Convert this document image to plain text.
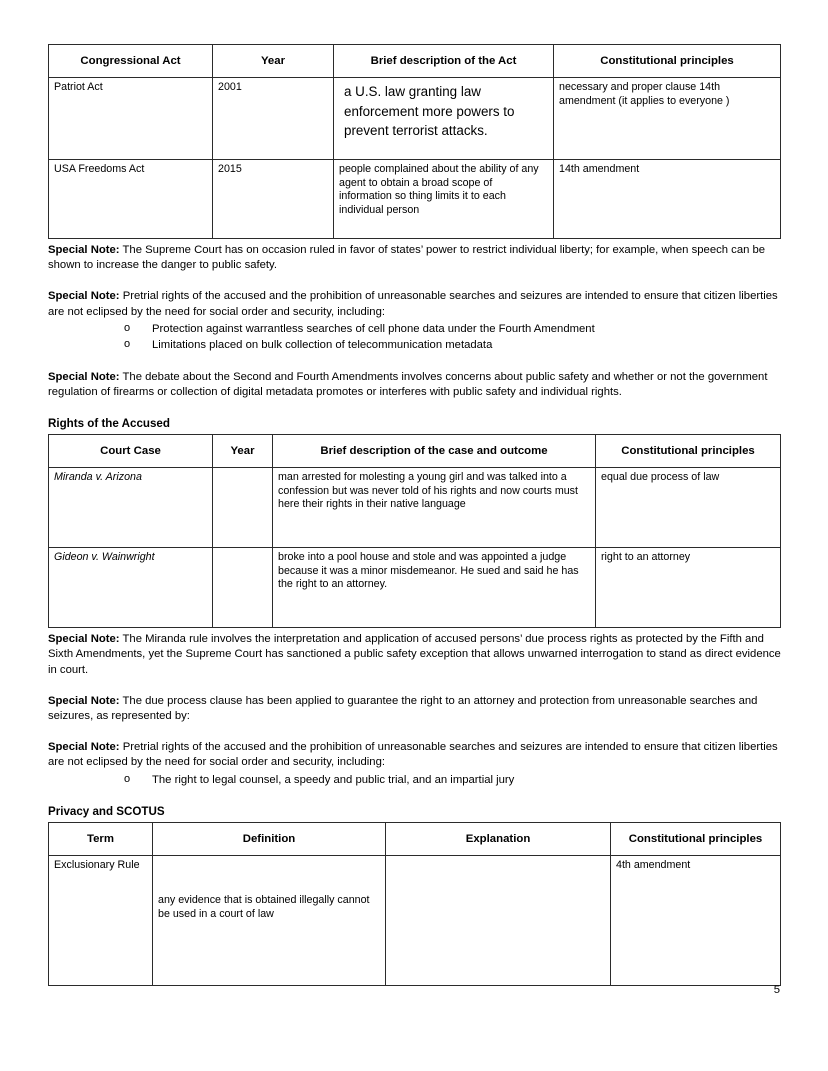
Congressional Act	Year	Brief description of the Act	Constitutional principles
Patriot Act	2001	a U.S. law granting law enforcement more powers to prevent terrorist attacks.	necessary and proper clause 14th amendment (it applies to everyone )
USA Freedoms Act	2015	people complained about the ability of any agent to obtain a broad scope of information so thing limits it to each individual person	14th amendment

Special Note: The Supreme Court has on occasion ruled in favor of states’ power to restrict individual liberty; for example, when speech can be shown to increase the danger to public safety.

Special Note: Pretrial rights of the accused and the prohibition of unreasonable searches and seizures are intended to ensure that citizen liberties are not eclipsed by the need for social order and security, including:

o Protection against warrantless searches of cell phone data under the Fourth Amendment
o Limitations placed on bulk collection of telecommunication metadata

Special Note: The debate about the Second and Fourth Amendments involves concerns about public safety and whether or not the government regulation of firearms or collection of digital metadata promotes or interferes with public safety and individual rights.

Rights of the Accused
Court Case	Year	Brief description of the case and outcome	Constitutional principles
Miranda v. Arizona		man arrested for molesting a young girl and was talked into a confession but was never told of his rights and now courts must here their rights in their native language	equal due process of law
Gideon v. Wainwright		broke into a pool house and stole and was appointed a judge because it was a minor misdemeanor. He sued and said he has the right to an attorney.	right to an attorney

Special Note: The Miranda rule involves the interpretation and application of accused persons’ due process rights as protected by the Fifth and Sixth Amendments, yet the Supreme Court has sanctioned a public safety exception that allows unwarned interrogation to stand as direct evidence in court.

Special Note: The due process clause has been applied to guarantee the right to an attorney and protection from unreasonable searches and seizures, as represented by:

Special Note: Pretrial rights of the accused and the prohibition of unreasonable searches and seizures are intended to ensure that citizen liberties are not eclipsed by the need for social order and security, including:

o The right to legal counsel, a speedy and public trial, and an impartial jury
Privacy and SCOTUS
Term	Definition	Explanation	Constitutional principles
Exclusionary Rule	any evidence that is obtained illegally cannot be used in a court of law		4th amendment
5
